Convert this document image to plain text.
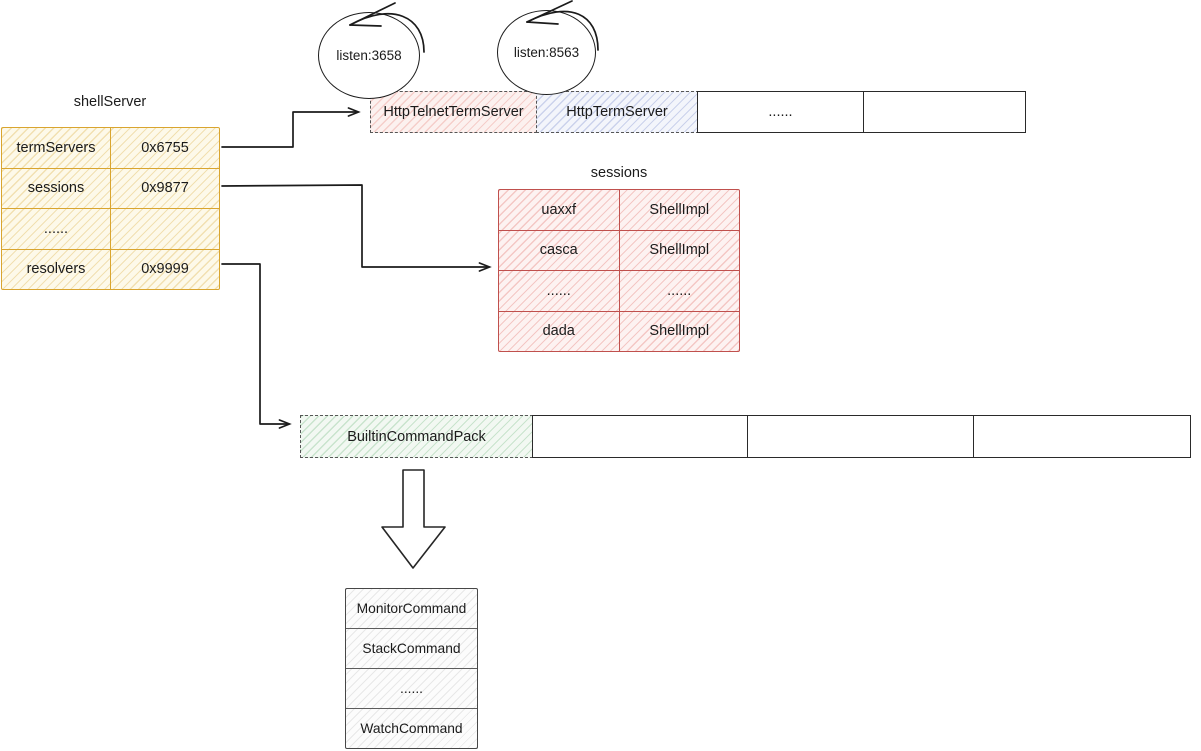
shellServer
termServers	0x6755
sessions	0x9877
......
resolvers	0x9999
HttpTelnetTermServer	HttpTermServer	......
listen:3658	listen:8563
sessions
uaxxf	ShellImpl
casca	ShellImpl
......	......
dada	ShellImpl
BuiltinCommandPack
MonitorCommand
StackCommand
......
WatchCommand
